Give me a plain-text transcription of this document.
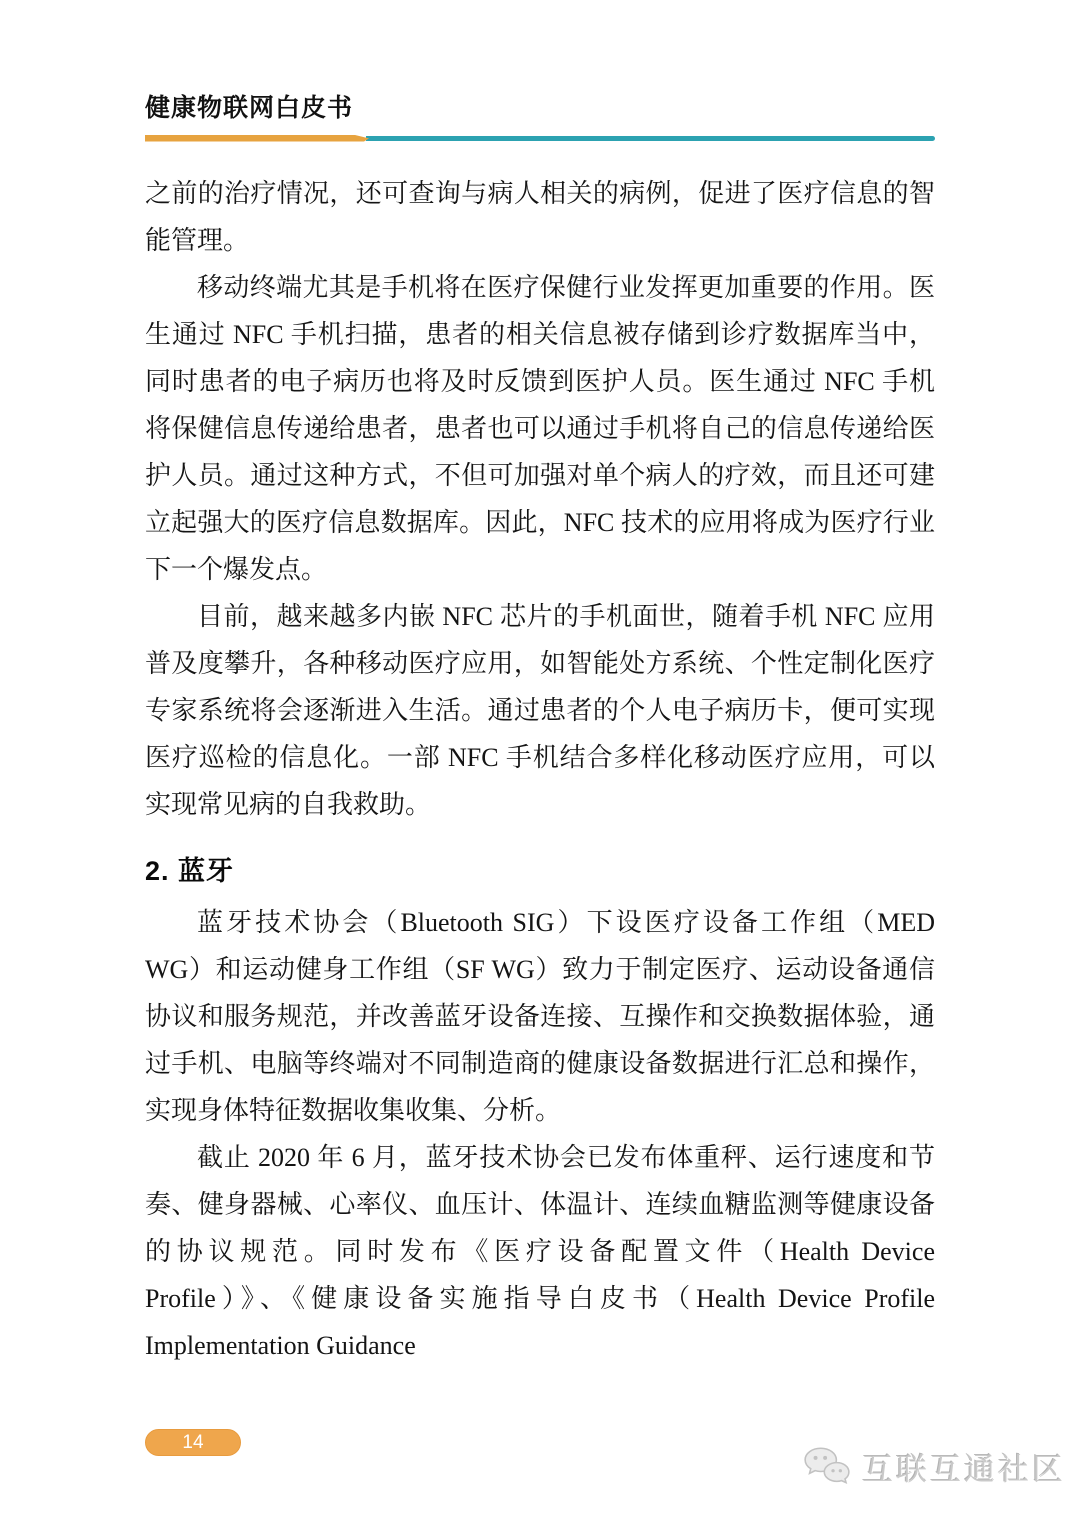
健康物联网白皮书

之前的治疗情况，还可查询与病人相关的病例，促进了医疗信息的智能管理。

移动终端尤其是手机将在医疗保健行业发挥更加重要的作用。医生通过 NFC 手机扫描，患者的相关信息被存储到诊疗数据库当中，同时患者的电子病历也将及时反馈到医护人员。医生通过 NFC 手机将保健信息传递给患者，患者也可以通过手机将自己的信息传递给医护人员。通过这种方式，不但可加强对单个病人的疗效，而且还可建立起强大的医疗信息数据库。因此，NFC 技术的应用将成为医疗行业下一个爆发点。

目前，越来越多内嵌 NFC 芯片的手机面世，随着手机 NFC 应用普及度攀升，各种移动医疗应用，如智能处方系统、个性定制化医疗专家系统将会逐渐进入生活。通过患者的个人电子病历卡，便可实现医疗巡检的信息化。一部 NFC 手机结合多样化移动医疗应用，可以实现常见病的自我救助。

2. 蓝牙

蓝牙技术协会（Bluetooth SIG）下设医疗设备工作组（MED WG）和运动健身工作组（SF WG）致力于制定医疗、运动设备通信协议和服务规范，并改善蓝牙设备连接、互操作和交换数据体验，通过手机、电脑等终端对不同制造商的健康设备数据进行汇总和操作，实现身体特征数据收集收集、分析。

截止 2020 年 6 月，蓝牙技术协会已发布体重秤、运行速度和节奏、健身器械、心率仪、血压计、体温计、连续血糖监测等健康设备的协议规范。同时发布《医疗设备配置文件（Health Device Profile）》、《健康设备实施指导白皮书（Health Device Profile Implementation Guidance

14
互联互通社区
